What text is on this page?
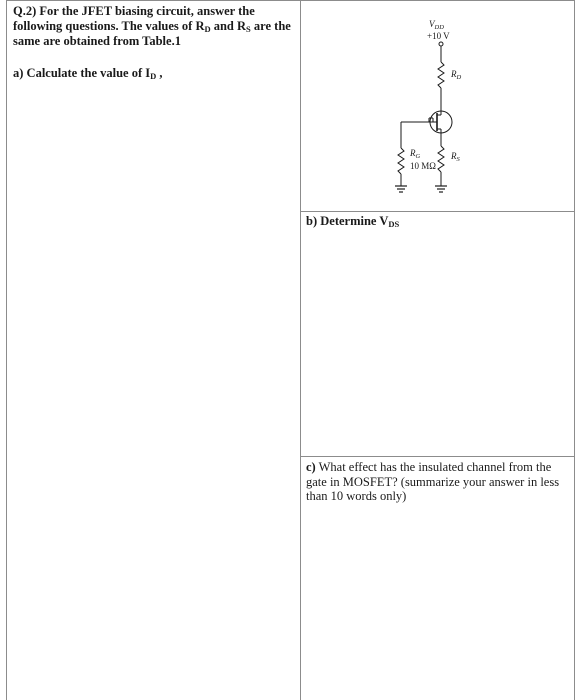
Q.2) For the JFET biasing circuit, answer the following questions. The values of $R_D$ and $R_S$ are the same are obtained from Table.1
a) Calculate the value of $I_D$ ,
b) Determine $V_{DS}$
c) What effect has the insulated channel from the gate in MOSFET? (summarize your answer in less than 10 words only)
$V_{DD}$
+10 V
$R_D$
$R_G$
10 MΩ
$R_S$
